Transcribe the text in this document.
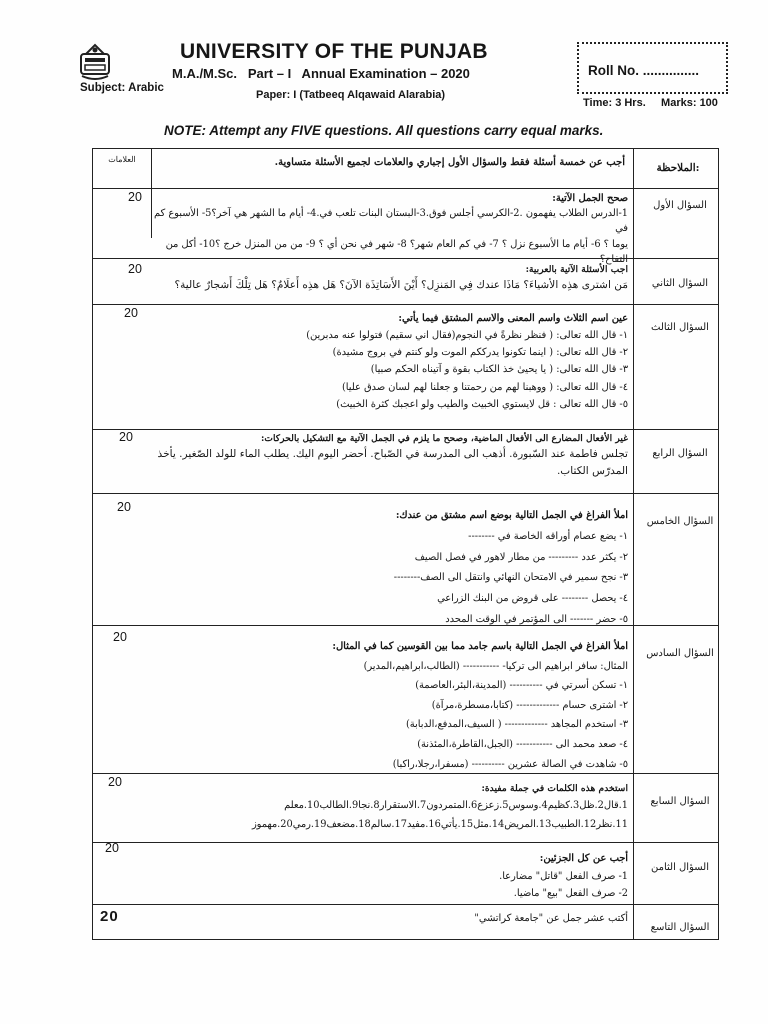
UNIVERSITY OF THE PUNJAB
M.A./M.Sc.   Part – I   Annual Examination – 2020
Subject: Arabic
Paper: I (Tatbeeq Alqawaid Alarabia)
Roll No. ...............
Time: 3 Hrs.     Marks: 100
NOTE: Attempt any FIVE questions. All questions carry equal marks.
العلامات
الملاحظة:
أجب عن خمسة أسئلة فقط والسؤال الأول إجباري والعلامات لجميع الأسئلة متساوية.
السؤال الأول
20	صحح الجمل الآتية:
1-الدرس الطلاب يفهمون .2-الكرسي أجلس فوق.3-البستان البنات تلعب في.4- أيام ما الشهر هي آخر؟5- الأسبوع كم في
يوما ؟ 6- أيام ما الأسبوع نزل ؟ 7- في كم العام شهر؟ 8- شهر في نحن أي ؟ 9- من من المنزل خرج ؟10- أكل من التفاح؟
السؤال الثاني
20	اجب الأسئلة الآتية بالعربية:
مَن اشترى هذِه الأشياءَ؟ مَاذَا عندك فِي المَنزِل؟ أَيْنَ الأَسَاتِذَة الآنَ؟ هَل هذِه أَعلَامٌ؟ هَل تِلْكَ أَشجارٌ عالية؟
السؤال الثالث
20	عين اسم الثلاث واسم المعنى والاسم المشتق فيما يأتي:
١- قال الله تعالى: ( فنظر نظرةً في النجوم(فقال اني سقيم) فتولوا عنه مدبرين)
٢- قال الله تعالى: ( اينما تكونوا يدرككم الموت ولو كنتم في بروج مشيدة)
٣- قال الله تعالى: ( يا يحيىٰ خذ الكتاب بقوة و آتيناه الحكم صبيا)
٤- قال الله تعالى: ( ووهبنا لهم من رحمتنا و جعلنا لهم لسان صدق عليا)
٥- قال الله تعالى : قل لايستوي الخبيث والطيب ولو اعجبك كثرة الخبيث)
السؤال الرابع
20	غير الأفعال المضارع الى الأفعال الماضية، وصحح ما يلزم في الجمل الآتية مع التشكيل بالحركات:
تجلس فاطمة عند السّبورة. أذهب الى المدرسة في الصّباح. أحضر اليوم اليك. يطلب الماء للولد الصّغير. يأخذ
المدرّس الكتاب.
السؤال الخامس
20
املأ الفراغ في الجمل التالية بوضع اسم مشتق من عندك:
١- يضع عصام أوراقه الخاصة في --------
٢- يكثر عدد --------- من مطار لاهور في فصل الصيف
٣- نجح سمير في الامتحان النهائي وانتقل الى الصف--------
٤- يحصل -------- على قروض من البنك الزراعي
٥- حضر ------- الى المؤتمر في الوقت المحدد
السؤال السادس
20
املأ الفراغ في الجمل التالية باسم جامد مما بين القوسين كما في المثال:
المثال: سافر ابراهيم الى تركيا- ----------- (الطالب،ابراهيم،المدير)
١- تسكن أسرتي في ---------- (المدينة،البئر،العاصمة)
٢- اشترى حسام ------------- (كتابا،مسطرة،مرآة)
٣- استخدم المجاهد ------------- ( السيف،المدفع،الدبابة)
٤- صعد محمد الى ----------- (الجبل،القاطرة،المئذنة)
٥- شاهدت في الصالة عشرين ---------- (مسفرا،رجلا،راكبا)
السؤال السابع
20	استخدم هذه الكلمات في جملة مفيدة:
1.قال2.ظل3.كظيم4.وسوس5.زعزع6.المتمردون7.الاستقرار8.نجا9.الطالب10.معلم
11.نظر12.الطبيب13.المريض14.مثل15.يأتي16.مفيد17.سالم18.مضعف19.رمي20.مهموز
السؤال الثامن
20
أجب عن كل الجزئين:
1- صرف الفعل "قاتل" مضارعا.
2- صرف الفعل "بيع" ماضيا.
السؤال التاسع
20	أكتب عشر جمل عن "جامعة كراتشي"
